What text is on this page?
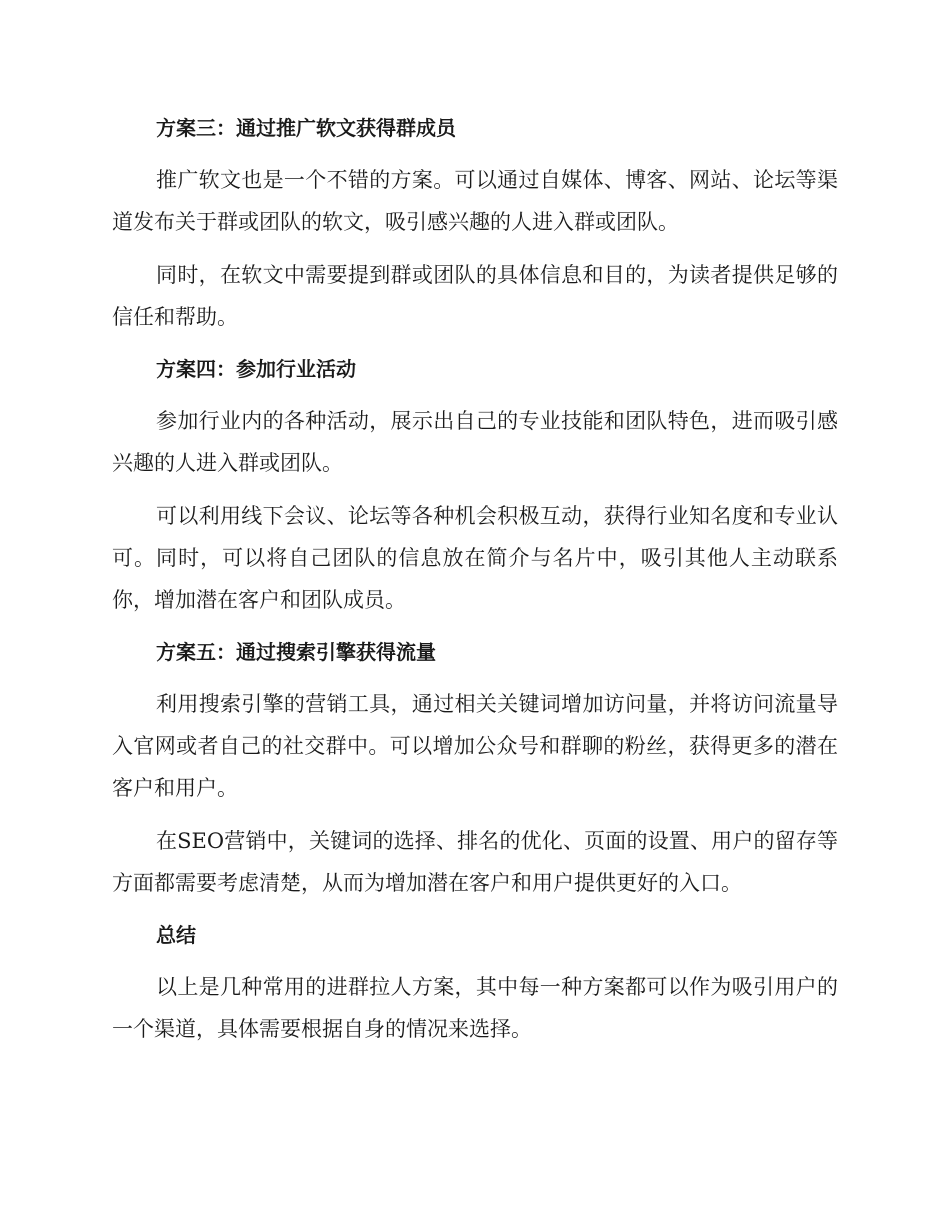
方案三：通过推广软文获得群成员

推广软文也是一个不错的方案。可以通过自媒体、博客、网站、论坛等渠道发布关于群或团队的软文，吸引感兴趣的人进入群或团队。

同时，在软文中需要提到群或团队的具体信息和目的，为读者提供足够的信任和帮助。

方案四：参加行业活动

参加行业内的各种活动，展示出自己的专业技能和团队特色，进而吸引感兴趣的人进入群或团队。

可以利用线下会议、论坛等各种机会积极互动，获得行业知名度和专业认可。同时，可以将自己团队的信息放在简介与名片中，吸引其他人主动联系你，增加潜在客户和团队成员。

方案五：通过搜索引擎获得流量

利用搜索引擎的营销工具，通过相关关键词增加访问量，并将访问流量导入官网或者自己的社交群中。可以增加公众号和群聊的粉丝，获得更多的潜在客户和用户。

在SEO营销中，关键词的选择、排名的优化、页面的设置、用户的留存等方面都需要考虑清楚，从而为增加潜在客户和用户提供更好的入口。

总结

以上是几种常用的进群拉人方案，其中每一种方案都可以作为吸引用户的一个渠道，具体需要根据自身的情况来选择。
